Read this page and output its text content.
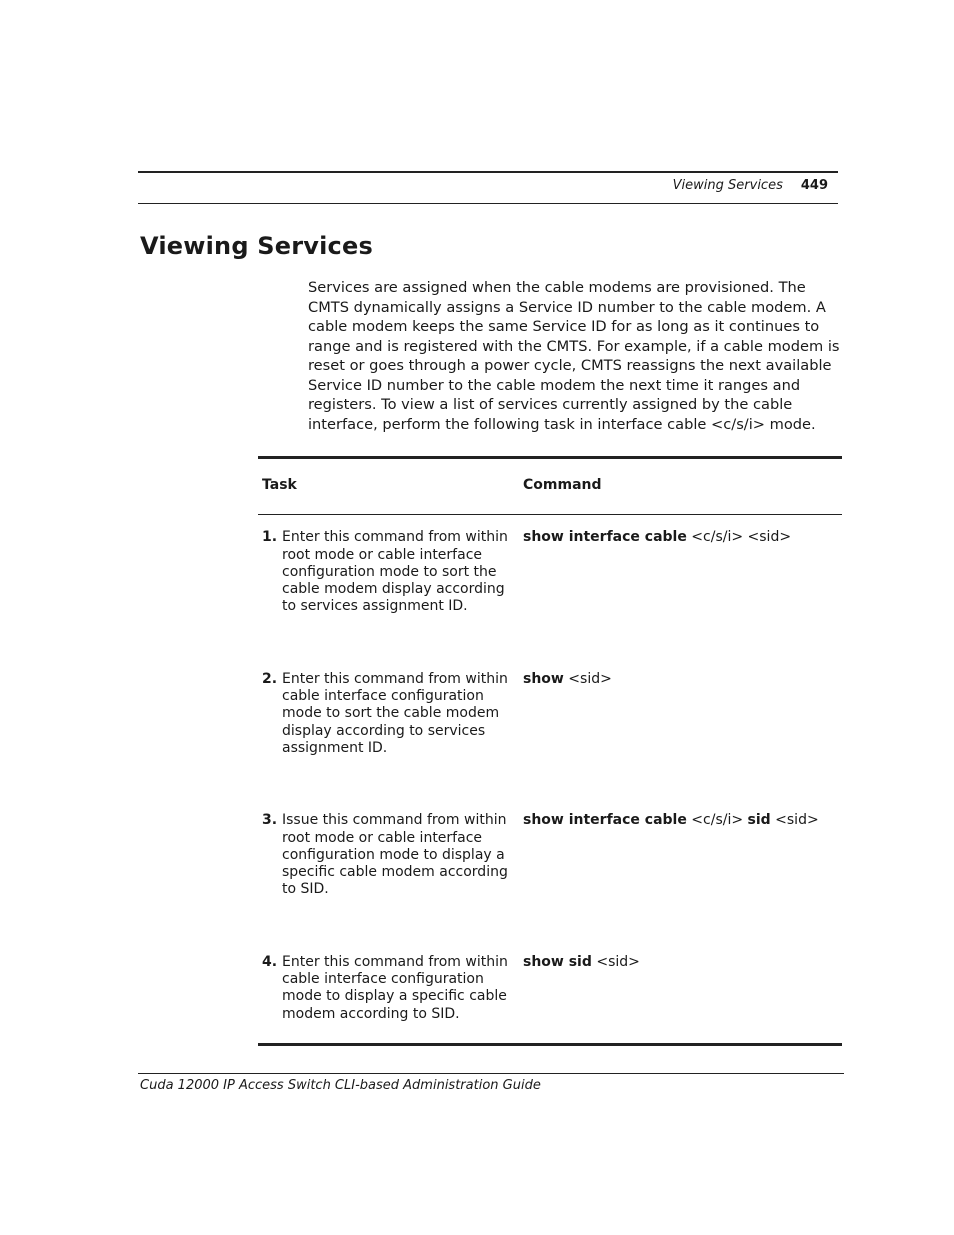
Viewing Services 449
Viewing Services

Services are assigned when the cable modems are provisioned. The CMTS dynamically assigns a Service ID number to the cable modem. A cable modem keeps the same Service ID for as long as it continues to range and is registered with the CMTS. For example, if a cable modem is reset or goes through a power cycle, CMTS reassigns the next available Service ID number to the cable modem the next time it ranges and registers. To view a list of services currently assigned by the cable interface, perform the following task in interface cable <c/s/i> mode.

Task	Command

1. Enter this command from within root mode or cable interface configuration mode to sort the cable modem display according to services assignment ID.	show interface cable <c/s/i> <sid>

2. Enter this command from within cable interface configuration mode to sort the cable modem display according to services assignment ID.	show <sid>

3. Issue this command from within root mode or cable interface configuration mode to display a specific cable modem according to SID.	show interface cable <c/s/i> sid <sid>

4. Enter this command from within cable interface configuration mode to display a specific cable modem according to SID.	show sid <sid>
Cuda 12000 IP Access Switch CLI-based Administration Guide
